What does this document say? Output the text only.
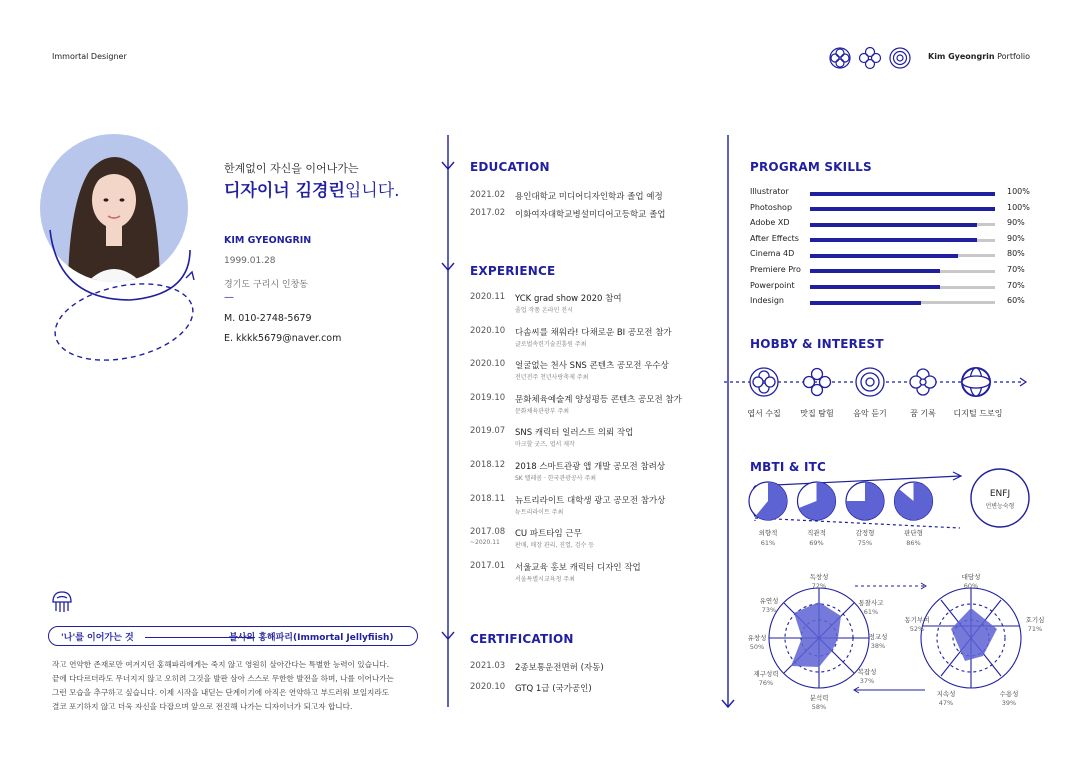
Immortal Designer	Kim Gyeongrin Portfolio
한계없이 자신을 이어나가는
디자이너 김경린입니다.
KIM GYEONGRIN
1999.01.28
경기도 구리시 인창동
—
M. 010-2748-5679
E. kkkk5679@naver.com
'나'를 이어가는 것	불사의 홍해파리(Immortal Jellyfiish)
작고 연약한 존재로만 여겨지던 홍해파리에게는 죽지 않고 영원히 살아간다는 특별한 능력이 있습니다.
끝에 다다르더라도 무너지지 않고 오히려 그것을 발판 삼아 스스로 무한한 발전을 하며, 나를 이어나가는
그런 모습을 추구하고 싶습니다. 이제 시작을 내딛는 단계이기에 아직은 연약하고 부드러워 보일지라도
결코 포기하지 않고 더욱 자신을 다잡으며 앞으로 전진해 나가는 디자이너가 되고자 합니다.
EDUCATION
2021.02	용인대학교 미디어디자인학과 졸업 예정
2017.02	이화여자대학교병설미디어고등학교 졸업
EXPERIENCE
2020.11 YCK grad show 2020 참여
졸업 작품 온라인 전시
2020.10 다솜씨를 채워라! 다채로운 BI 공모전 참가
글로벌속련기술진흥원 주최
2020.10 얼굴없는 천사 SNS 콘텐츠 공모전 우수상
전년전주 천년사랑축제 주최
2019.10 문화체육예술계 양성평등 콘텐츠 공모전 참가
문화체육관광부 주최
2019.07 SNS 캐릭터 일러스트 의뢰 작업
마크할 굿즈, 엽서 제작
2018.12 2018 스마트관광 앱 개발 공모전 참려상
SK 텔레콤 · 한국관광공사 주최
2018.11 뉴트리라이트 대학생 광고 공모전 참가상
뉴트리라이트 주최
2017.08
~2020.11
CU 파트타임 근무
판매, 매장 관리, 진열, 검수 등
2017.01 서울교육 홍보 캐릭터 디자인 작업
서울특별시교육청 주최
CERTIFICATION
2021.03	2종보통운전면허 (자동)
2020.10	GTQ 1급 (국가공인)
PROGRAM SKILLS
Illustrator	100%
Photoshop	100%
Adobe XD	90%
After Effects	90%
Cinema 4D	80%
Premiere Pro	70%
Powerpoint	70%
Indesign	60%
HOBBY & INTEREST
엽서 수집 맛집 탐험 음악 듣기	꿈 기록 디지털 드로잉
MBTI & ITC
ENFJ
언변능숙형
외향적
61%
직관적
69%
감정형
75%
판단형
86%
독창성
72%
통찰사고
61%
정교성
38%
복잡성
37%
분석력
58%
재구성력
76%
유창성
50%
유연성
73%
대담성
60%
호기심
71%
수용성
39%
지속성
47%
동기부여
52%
